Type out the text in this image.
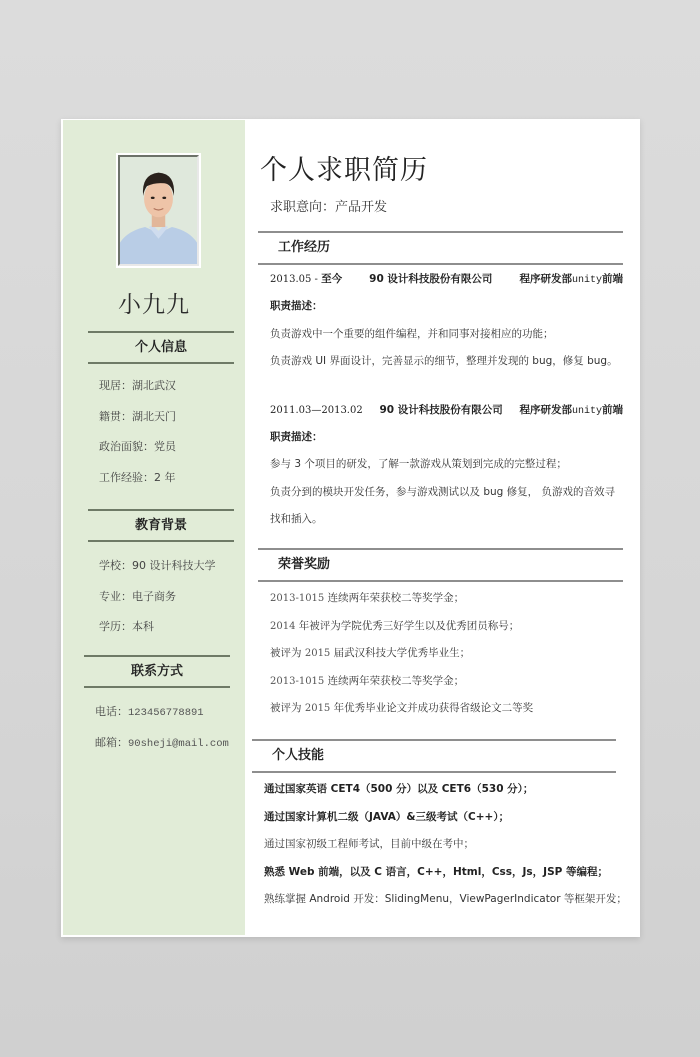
小九九
个人信息
现居：湖北武汉
籍贯：湖北天门
政治面貌：党员
工作经验：2 年
教育背景
学校：90 设计科技大学
专业：电子商务
学历：本科
联系方式
电话：123456778891
邮箱：90sheji@mail.com
个人求职简历
求职意向：产品开发
工作经历
2013.05 - 至今	90 设计科技股份有限公司	程序研发部unity前端
职责描述：
负责游戏中一个重要的组件编程，并和同事对接相应的功能；
负责游戏 UI 界面设计，完善显示的细节，整理并发现的 bug，修复 bug。
2011.03—2013.02 90 设计科技股份有限公司 程序研发部unity前端
职责描述：
参与 3 个项目的研发，了解一款游戏从策划到完成的完整过程；
负责分到的模块开发任务，参与游戏测试以及 bug 修复， 负游戏的音效寻
找和插入。
荣誉奖励
2013-1015 连续两年荣获校二等奖学金；
2014 年被评为学院优秀三好学生以及优秀团员称号；
被评为 2015 届武汉科技大学优秀毕业生；
2013-1015 连续两年荣获校二等奖学金；
被评为 2015 年优秀毕业论文并成功获得省级论文二等奖
个人技能
通过国家英语 CET4（500 分）以及 CET6（530 分）；
通过国家计算机二级（JAVA）&三级考试（C++）；
通过国家初级工程师考试，目前中级在考中；
熟悉 Web 前端，以及 C 语言，C++，Html，Css，Js，JSP 等编程；
熟练掌握 Android 开发：SlidingMenu，ViewPagerIndicator 等框架开发；
